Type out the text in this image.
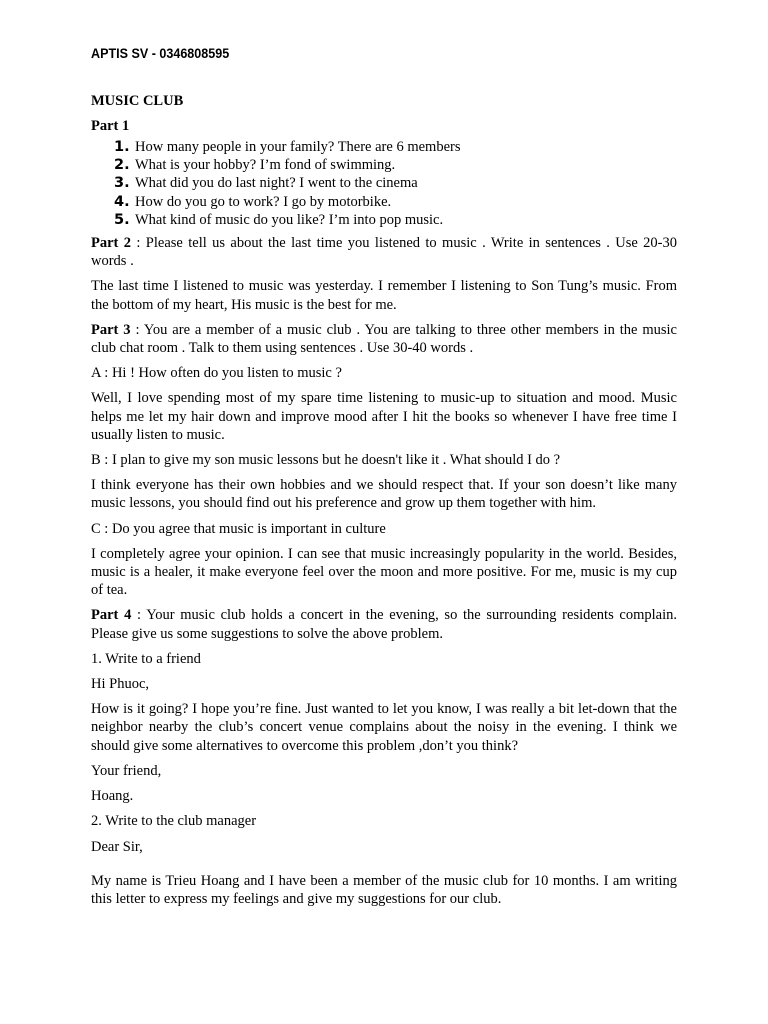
APTIS SV - 0346808595
MUSIC CLUB
Part 1
1. How many people in your family? There are 6 members
2. What is your hobby? I’m fond of swimming.
3. What did you do last night? I went to the cinema
4. How do you go to work? I go by motorbike.
5. What kind of music do you like? I’m into pop music.

Part 2 : Please tell us about the last time you listened to music . Write in sentences . Use 20-30 words .

The last time I listened to music was yesterday. I remember I listening to Son Tung’s music. From the bottom of my heart, His music is the best for me.

Part 3 : You are a member of a music club . You are talking to three other members in the music club chat room . Talk to them using sentences . Use 30-40 words .

A : Hi ! How often do you listen to music ?

Well, I love spending most of my spare time listening to music-up to situation and mood. Music helps me let my hair down and improve mood after I hit the books so whenever I have free time I usually listen to music.

B : I plan to give my son music lessons but he doesn't like it . What should I do ?

I think everyone has their own hobbies and we should respect that. If your son doesn’t like many music lessons, you should find out his preference and grow up them together with him.

C : Do you agree that music is important in culture

I completely agree your opinion. I can see that music increasingly popularity in the world. Besides, music is a healer, it make everyone feel over the moon and more positive. For me, music is my cup of tea.

Part 4 : Your music club holds a concert in the evening, so the surrounding residents complain. Please give us some suggestions to solve the above problem.

1. Write to a friend

Hi Phuoc,

How is it going? I hope you’re fine. Just wanted to let you know, I was really a bit let-down that the neighbor nearby the club’s concert venue complains about the noisy in the evening. I think we should give some alternatives to overcome this problem ,don’t you think?

Your friend,

Hoang.

2. Write to the club manager

Dear Sir,

My name is Trieu Hoang and I have been a member of the music club for 10 months. I am writing this letter to express my feelings and give my suggestions for our club.
